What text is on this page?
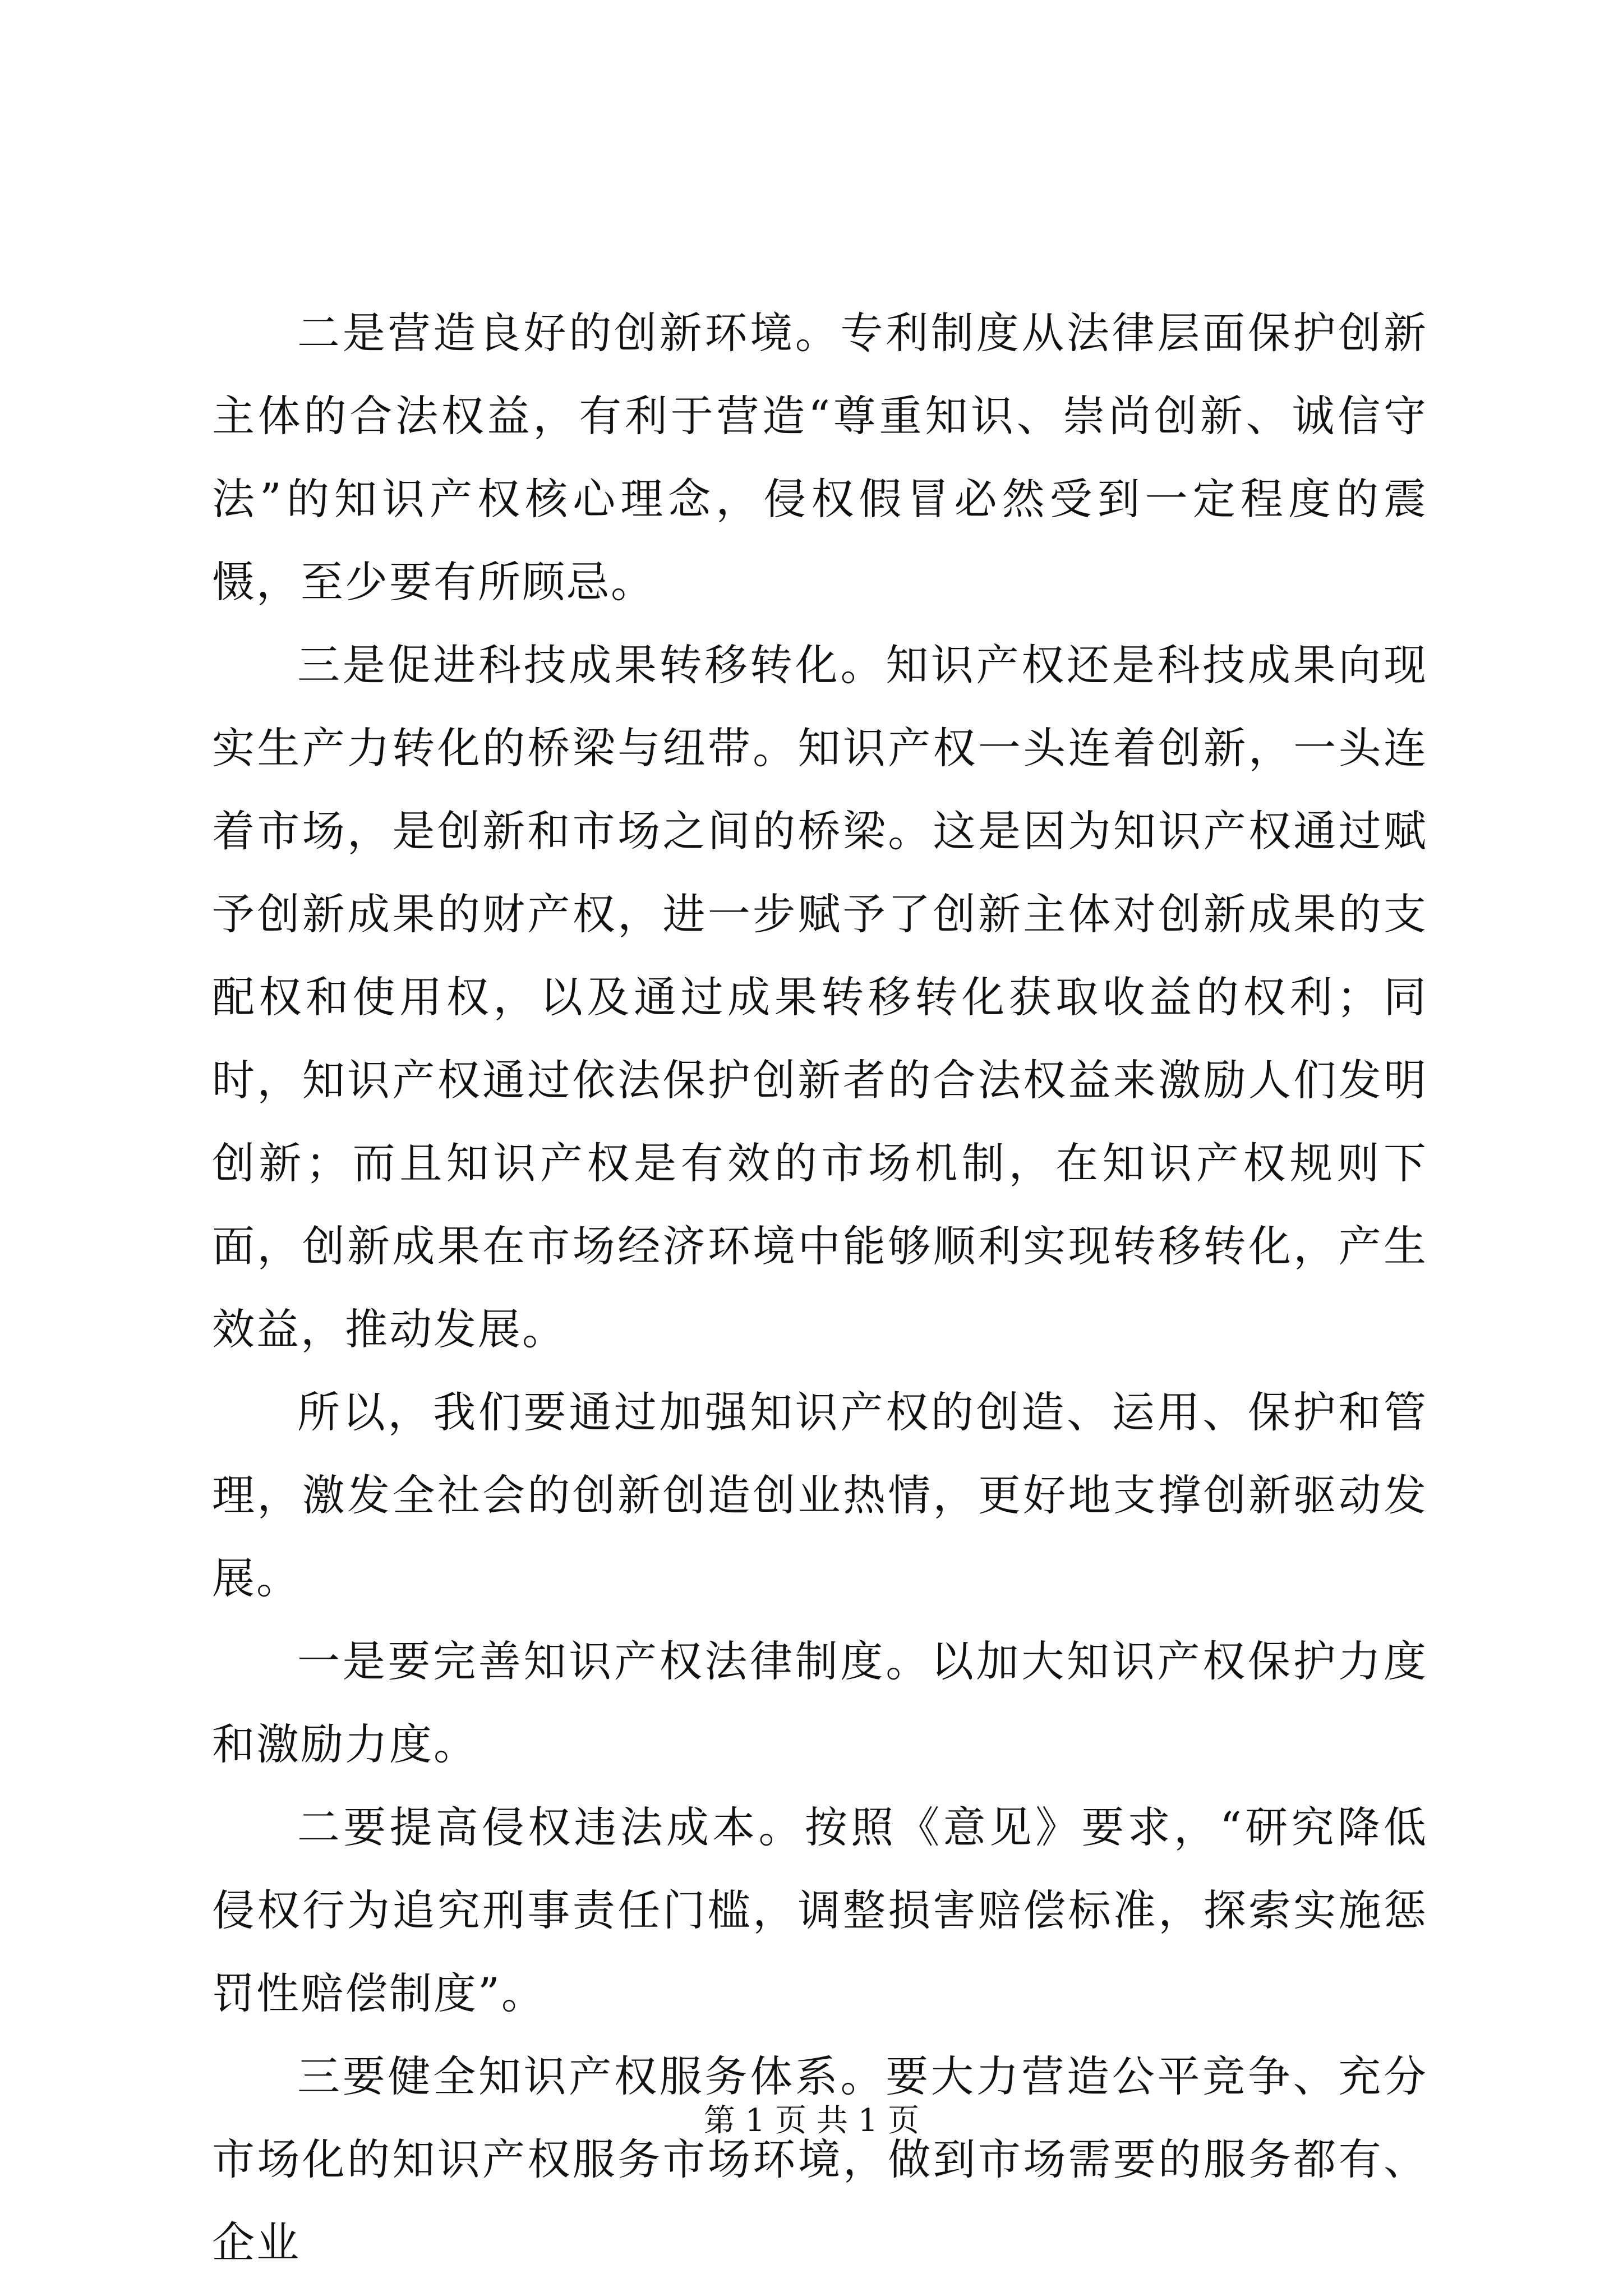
二是营造良好的创新环境。专利制度从法律层面保护创新主体的合法权益，有利于营造“尊重知识、崇尚创新、诚信守法”的知识产权核心理念，侵权假冒必然受到一定程度的震慑，至少要有所顾忌。

三是促进科技成果转移转化。知识产权还是科技成果向现实生产力转化的桥梁与纽带。知识产权一头连着创新，一头连着市场，是创新和市场之间的桥梁。这是因为知识产权通过赋予创新成果的财产权，进一步赋予了创新主体对创新成果的支配权和使用权，以及通过成果转移转化获取收益的权利；同时，知识产权通过依法保护创新者的合法权益来激励人们发明创新；而且知识产权是有效的市场机制，在知识产权规则下面，创新成果在市场经济环境中能够顺利实现转移转化，产生效益，推动发展。

所以，我们要通过加强知识产权的创造、运用、保护和管理，激发全社会的创新创造创业热情，更好地支撑创新驱动发展。

一是要完善知识产权法律制度。以加大知识产权保护力度和激励力度。

二要提高侵权违法成本。按照《意见》要求，“研究降低侵权行为追究刑事责任门槛，调整损害赔偿标准，探索实施惩罚性赔偿制度”。

三要健全知识产权服务体系。要大力营造公平竞争、充分市场化的知识产权服务市场环境，做到市场需要的服务都有、企业

第 1 页 共 1 页
